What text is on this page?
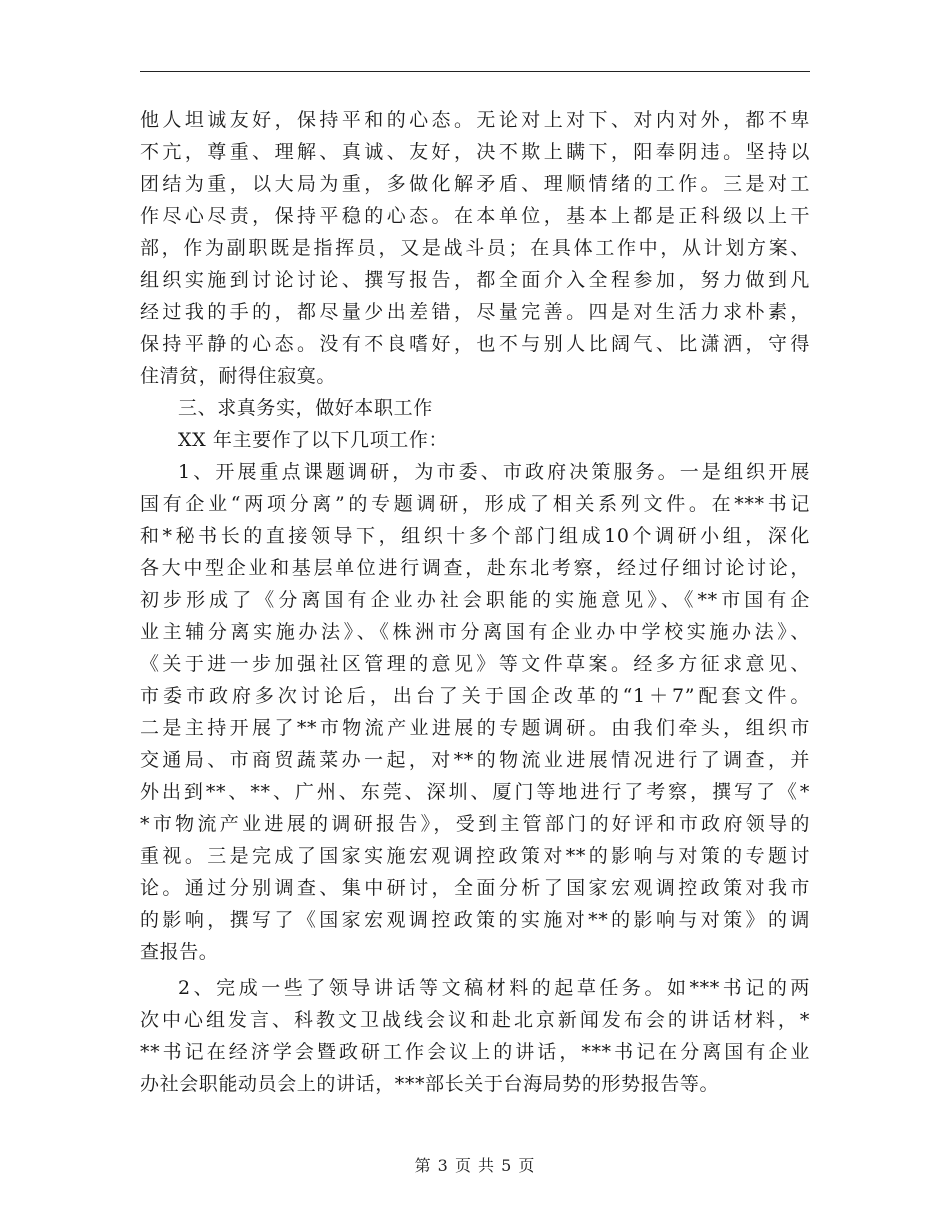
他人坦诚友好，保持平和的心态。无论对上对下、对内对外，都不卑
不亢，尊重、理解、真诚、友好，决不欺上瞒下，阳奉阴违。坚持以
团结为重，以大局为重，多做化解矛盾、理顺情绪的工作。三是对工
作尽心尽责，保持平稳的心态。在本单位，基本上都是正科级以上干
部，作为副职既是指挥员，又是战斗员；在具体工作中，从计划方案、
组织实施到讨论讨论、撰写报告，都全面介入全程参加，努力做到凡
经过我的手的，都尽量少出差错，尽量完善。四是对生活力求朴素，
保持平静的心态。没有不良嗜好，也不与别人比阔气、比潇洒，守得
住清贫，耐得住寂寞。
三、求真务实，做好本职工作
XX 年主要作了以下几项工作：
1、开展重点课题调研，为市委、市政府决策服务。一是组织开展
国有企业“两项分离”的专题调研，形成了相关系列文件。在***书记
和*秘书长的直接领导下，组织十多个部门组成10个调研小组，深化
各大中型企业和基层单位进行调查，赴东北考察，经过仔细讨论讨论，
初步形成了《分离国有企业办社会职能的实施意见》、《**市国有企
业主辅分离实施办法》、《株洲市分离国有企业办中学校实施办法》、
《关于进一步加强社区管理的意见》等文件草案。经多方征求意见、
市委市政府多次讨论后，出台了关于国企改革的“1＋7”配套文件。
二是主持开展了**市物流产业进展的专题调研。由我们牵头，组织市
交通局、市商贸蔬菜办一起，对**的物流业进展情况进行了调查，并
外出到**、**、广州、东莞、深圳、厦门等地进行了考察，撰写了《*
*市物流产业进展的调研报告》，受到主管部门的好评和市政府领导的
重视。三是完成了国家实施宏观调控政策对**的影响与对策的专题讨
论。通过分别调查、集中研讨，全面分析了国家宏观调控政策对我市
的影响，撰写了《国家宏观调控政策的实施对**的影响与对策》的调
查报告。
2、完成一些了领导讲话等文稿材料的起草任务。如***书记的两
次中心组发言、科教文卫战线会议和赴北京新闻发布会的讲话材料，*
**书记在经济学会暨政研工作会议上的讲话，***书记在分离国有企业
办社会职能动员会上的讲话，***部长关于台海局势的形势报告等。
第 3 页 共 5 页
